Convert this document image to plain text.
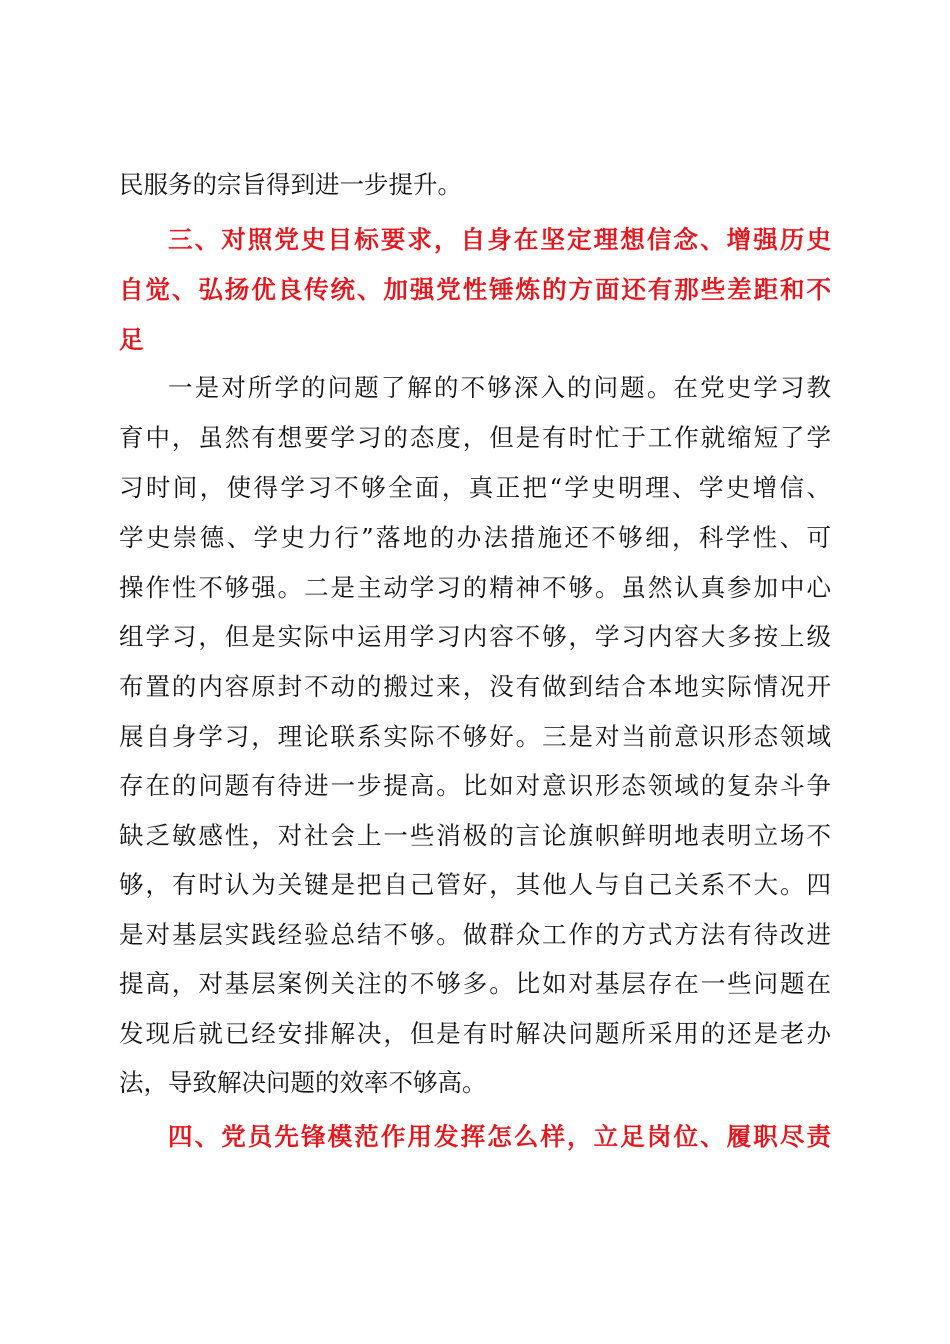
民服务的宗旨得到进一步提升。
三、对照党史目标要求，自身在坚定理想信念、增强历史
自觉、弘扬优良传统、加强党性锤炼的方面还有那些差距和不
足
一是对所学的问题了解的不够深入的问题。在党史学习教
育中，虽然有想要学习的态度，但是有时忙于工作就缩短了学
习时间，使得学习不够全面，真正把“学史明理、学史增信、
学史崇德、学史力行”落地的办法措施还不够细，科学性、可
操作性不够强。二是主动学习的精神不够。虽然认真参加中心
组学习，但是实际中运用学习内容不够，学习内容大多按上级
布置的内容原封不动的搬过来，没有做到结合本地实际情况开
展自身学习，理论联系实际不够好。三是对当前意识形态领域
存在的问题有待进一步提高。比如对意识形态领域的复杂斗争
缺乏敏感性，对社会上一些消极的言论旗帜鲜明地表明立场不
够，有时认为关键是把自己管好，其他人与自己关系不大。四
是对基层实践经验总结不够。做群众工作的方式方法有待改进
提高，对基层案例关注的不够多。比如对基层存在一些问题在
发现后就已经安排解决，但是有时解决问题所采用的还是老办
法，导致解决问题的效率不够高。
四、党员先锋模范作用发挥怎么样，立足岗位、履职尽责
